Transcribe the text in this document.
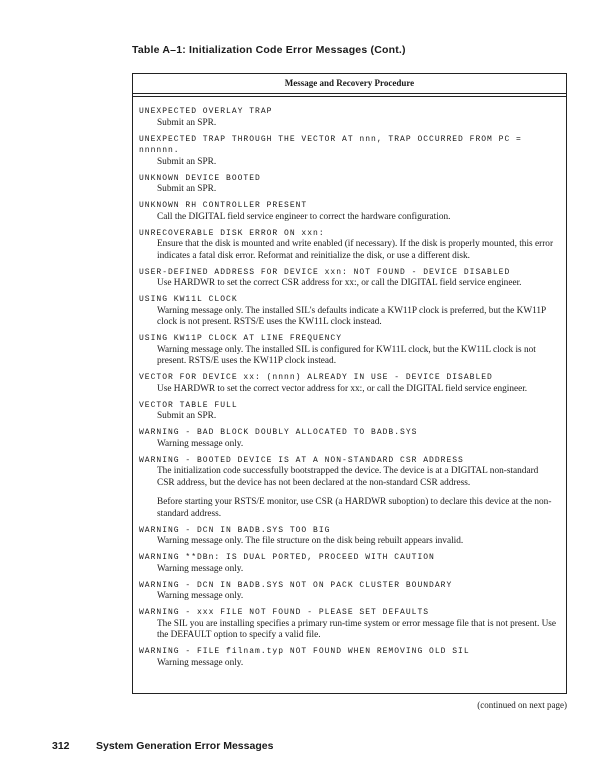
Table A–1: Initialization Code Error Messages (Cont.)
Message and Recovery Procedure
UNEXPECTED OVERLAY TRAP
Submit an SPR.
UNEXPECTED TRAP THROUGH THE VECTOR AT nnn, TRAP OCCURRED FROM PC = nnnnnn.
Submit an SPR.
UNKNOWN DEVICE BOOTED
Submit an SPR.
UNKNOWN RH CONTROLLER PRESENT
Call the DIGITAL field service engineer to correct the hardware configuration.
UNRECOVERABLE DISK ERROR ON xxn:
Ensure that the disk is mounted and write enabled (if necessary). If the disk is properly mounted, this error indicates a fatal disk error. Reformat and reinitialize the disk, or use a different disk.
USER-DEFINED ADDRESS FOR DEVICE xxn: NOT FOUND - DEVICE DISABLED
Use HARDWR to set the correct CSR address for xx:, or call the DIGITAL field service engineer.
USING KW11L CLOCK
Warning message only. The installed SIL's defaults indicate a KW11P clock is preferred, but the KW11P clock is not present. RSTS/E uses the KW11L clock instead.
USING KW11P CLOCK AT LINE FREQUENCY
Warning message only. The installed SIL is configured for KW11L clock, but the KW11L clock is not present. RSTS/E uses the KW11P clock instead.
VECTOR FOR DEVICE xx: (nnnn) ALREADY IN USE - DEVICE DISABLED
Use HARDWR to set the correct vector address for xx:, or call the DIGITAL field service engineer.
VECTOR TABLE FULL
Submit an SPR.
WARNING - BAD BLOCK DOUBLY ALLOCATED TO BADB.SYS
Warning message only.
WARNING - BOOTED DEVICE IS AT A NON-STANDARD CSR ADDRESS
The initialization code successfully bootstrapped the device. The device is at a DIGITAL non-standard CSR address, but the device has not been declared at the non-standard CSR address.
Before starting your RSTS/E monitor, use CSR (a HARDWR suboption) to declare this device at the non-standard address.
WARNING - DCN IN BADB.SYS TOO BIG
Warning message only. The file structure on the disk being rebuilt appears invalid.
WARNING **DBn: IS DUAL PORTED, PROCEED WITH CAUTION
Warning message only.
WARNING - DCN IN BADB.SYS NOT ON PACK CLUSTER BOUNDARY
Warning message only.
WARNING - xxx FILE NOT FOUND - PLEASE SET DEFAULTS
The SIL you are installing specifies a primary run-time system or error message file that is not present. Use the DEFAULT option to specify a valid file.
WARNING - FILE filnam.typ NOT FOUND WHEN REMOVING OLD SIL
Warning message only.
(continued on next page)
312	System Generation Error Messages
